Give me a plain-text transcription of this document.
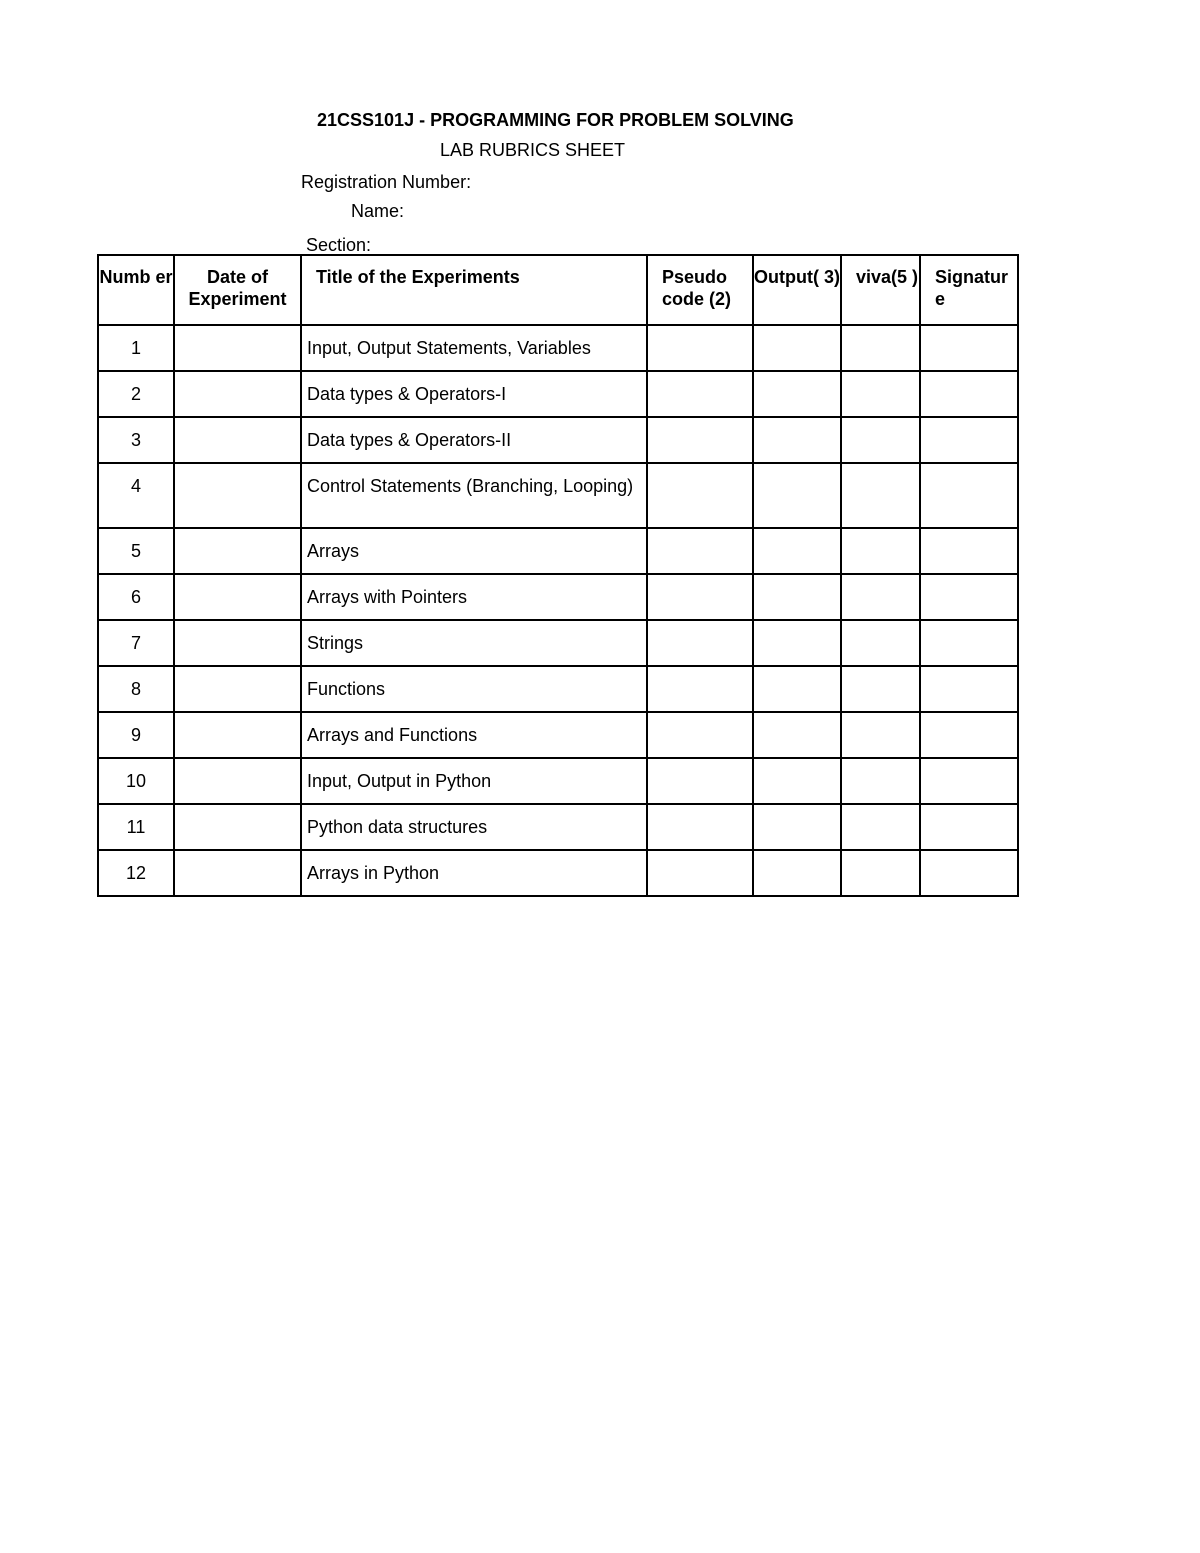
21CSS101J - PROGRAMMING FOR PROBLEM SOLVING
LAB RUBRICS SHEET
Registration Number:
Name:
Section:
Numb er	Date of Experiment	Title of the Experiments	Pseudo code (2)	Output( 3)	viva(5 )	Signatur e
1		Input, Output Statements, Variables				

2		Data types & Operators-I				

3		Data types & Operators-II				

4		Control Statements (Branching, Looping)				

5		Arrays				

6		Arrays with Pointers				

7		Strings				

8		Functions				

9		Arrays and Functions				

10		Input, Output in Python				

11		Python data structures				

12		Arrays in Python				
